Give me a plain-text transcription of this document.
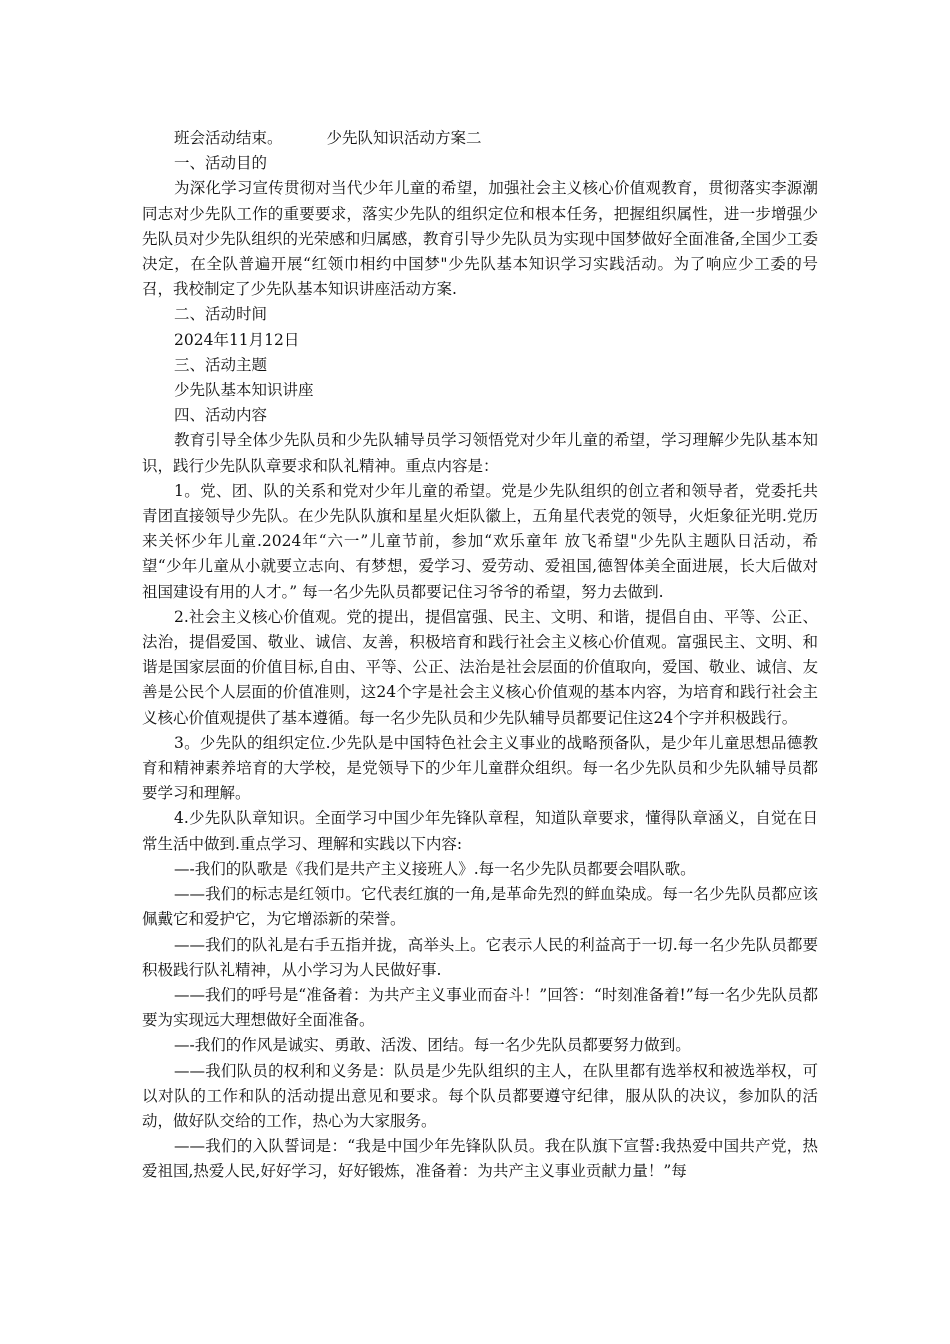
班会活动结束。	少先队知识活动方案二

一、活动目的

为深化学习宣传贯彻对当代少年儿童的希望，加强社会主义核心价值观教育，贯彻落实李源潮同志对少先队工作的重要要求，落实少先队的组织定位和根本任务，把握组织属性，进一步增强少先队员对少先队组织的光荣感和归属感，教育引导少先队员为实现中国梦做好全面准备,全国少工委决定，在全队普遍开展“红领巾相约中国梦"少先队基本知识学习实践活动。为了响应少工委的号召，我校制定了少先队基本知识讲座活动方案.

二、活动时间

2024年11月12日

三、活动主题

少先队基本知识讲座

四、活动内容

教育引导全体少先队员和少先队辅导员学习领悟党对少年儿童的希望，学习理解少先队基本知识，践行少先队队章要求和队礼精神。重点内容是：

1。党、团、队的关系和党对少年儿童的希望。党是少先队组织的创立者和领导者，党委托共青团直接领导少先队。在少先队队旗和星星火炬队徽上，五角星代表党的领导，火炬象征光明.党历来关怀少年儿童.2024年“六一”儿童节前，参加“欢乐童年 放飞希望"少先队主题队日活动，希望“少年儿童从小就要立志向、有梦想，爱学习、爱劳动、爱祖国,德智体美全面进展，长大后做对祖国建设有用的人才。” 每一名少先队员都要记住习爷爷的希望，努力去做到.

2.社会主义核心价值观。党的提出，提倡富强、民主、文明、和谐，提倡自由、平等、公正、法治，提倡爱国、敬业、诚信、友善，积极培育和践行社会主义核心价值观。富强民主、文明、和谐是国家层面的价值目标,自由、平等、公正、法治是社会层面的价值取向，爱国、敬业、诚信、友善是公民个人层面的价值准则，这24个字是社会主义核心价值观的基本内容，为培育和践行社会主义核心价值观提供了基本遵循。每一名少先队员和少先队辅导员都要记住这24个字并积极践行。

3。少先队的组织定位.少先队是中国特色社会主义事业的战略预备队，是少年儿童思想品德教育和精神素养培育的大学校，是党领导下的少年儿童群众组织。每一名少先队员和少先队辅导员都要学习和理解。

4.少先队队章知识。全面学习中国少年先锋队章程，知道队章要求，懂得队章涵义，自觉在日常生活中做到.重点学习、理解和实践以下内容:

—-我们的队歌是《我们是共产主义接班人》.每一名少先队员都要会唱队歌。

——我们的标志是红领巾。它代表红旗的一角,是革命先烈的鲜血染成。每一名少先队员都应该佩戴它和爱护它，为它增添新的荣誉。

——我们的队礼是右手五指并拢，高举头上。它表示人民的利益高于一切.每一名少先队员都要积极践行队礼精神，从小学习为人民做好事.

——我们的呼号是“准备着：为共产主义事业而奋斗！”回答：“时刻准备着!”每一名少先队员都要为实现远大理想做好全面准备。

—-我们的作风是诚实、勇敢、活泼、团结。每一名少先队员都要努力做到。

——我们队员的权利和义务是：队员是少先队组织的主人，在队里都有选举权和被选举权，可以对队的工作和队的活动提出意见和要求。每个队员都要遵守纪律，服从队的决议，参加队的活动，做好队交给的工作，热心为大家服务。

——我们的入队誓词是：“我是中国少年先锋队队员。我在队旗下宣誓:我热爱中国共产党，热爱祖国,热爱人民,好好学习，好好锻炼，准备着：为共产主义事业贡献力量！”每
